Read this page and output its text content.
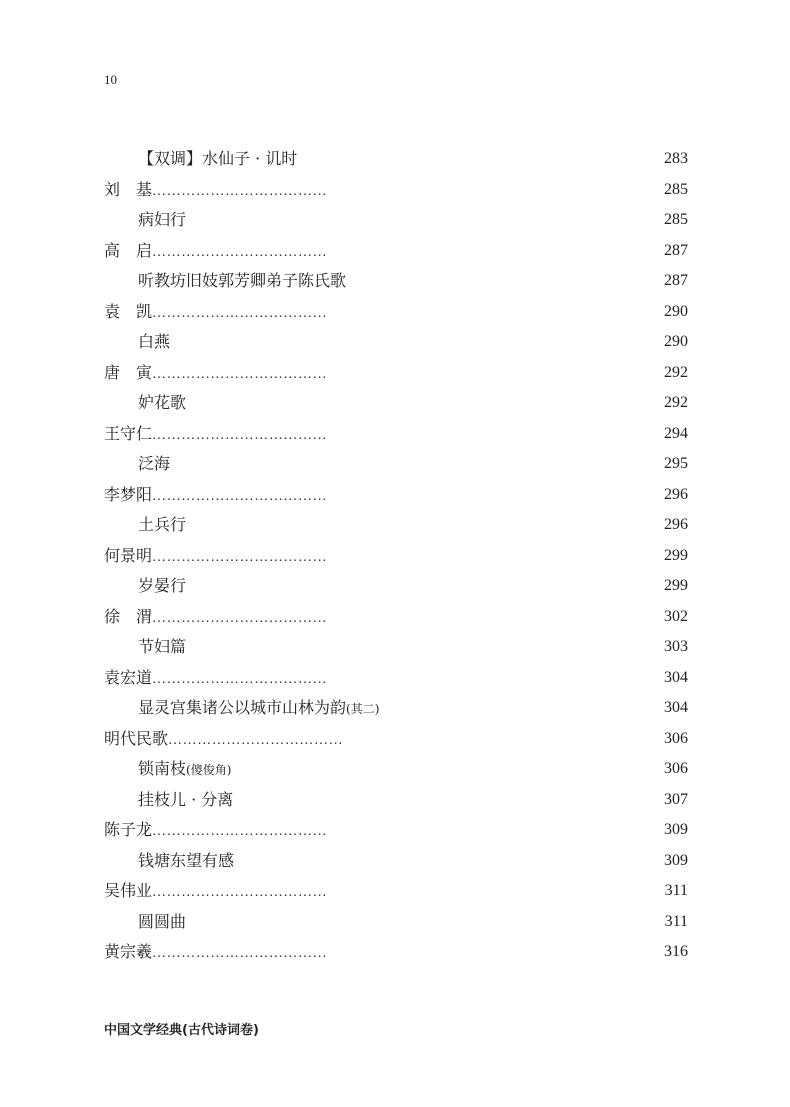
10
【双调】水仙子 · 讥时	283
刘　基………………………………	285
病妇行	285
高　启………………………………	287
听教坊旧妓郭芳卿弟子陈氏歌	287
袁　凯………………………………	290
白燕	290
唐　寅………………………………	292
妒花歌	292
王守仁………………………………	294
泛海	295
李梦阳………………………………	296
土兵行	296
何景明………………………………	299
岁晏行	299
徐　渭………………………………	302
节妇篇	303
袁宏道………………………………	304
显灵宫集诸公以城市山林为韵(其二)	304
明代民歌………………………………	306
锁南枝(傻俊角)	306
挂枝儿 · 分离	307
陈子龙………………………………	309
钱塘东望有感	309
吴伟业………………………………	311
圆圆曲	311
黄宗羲………………………………	316
中国文学经典(古代诗词卷)
